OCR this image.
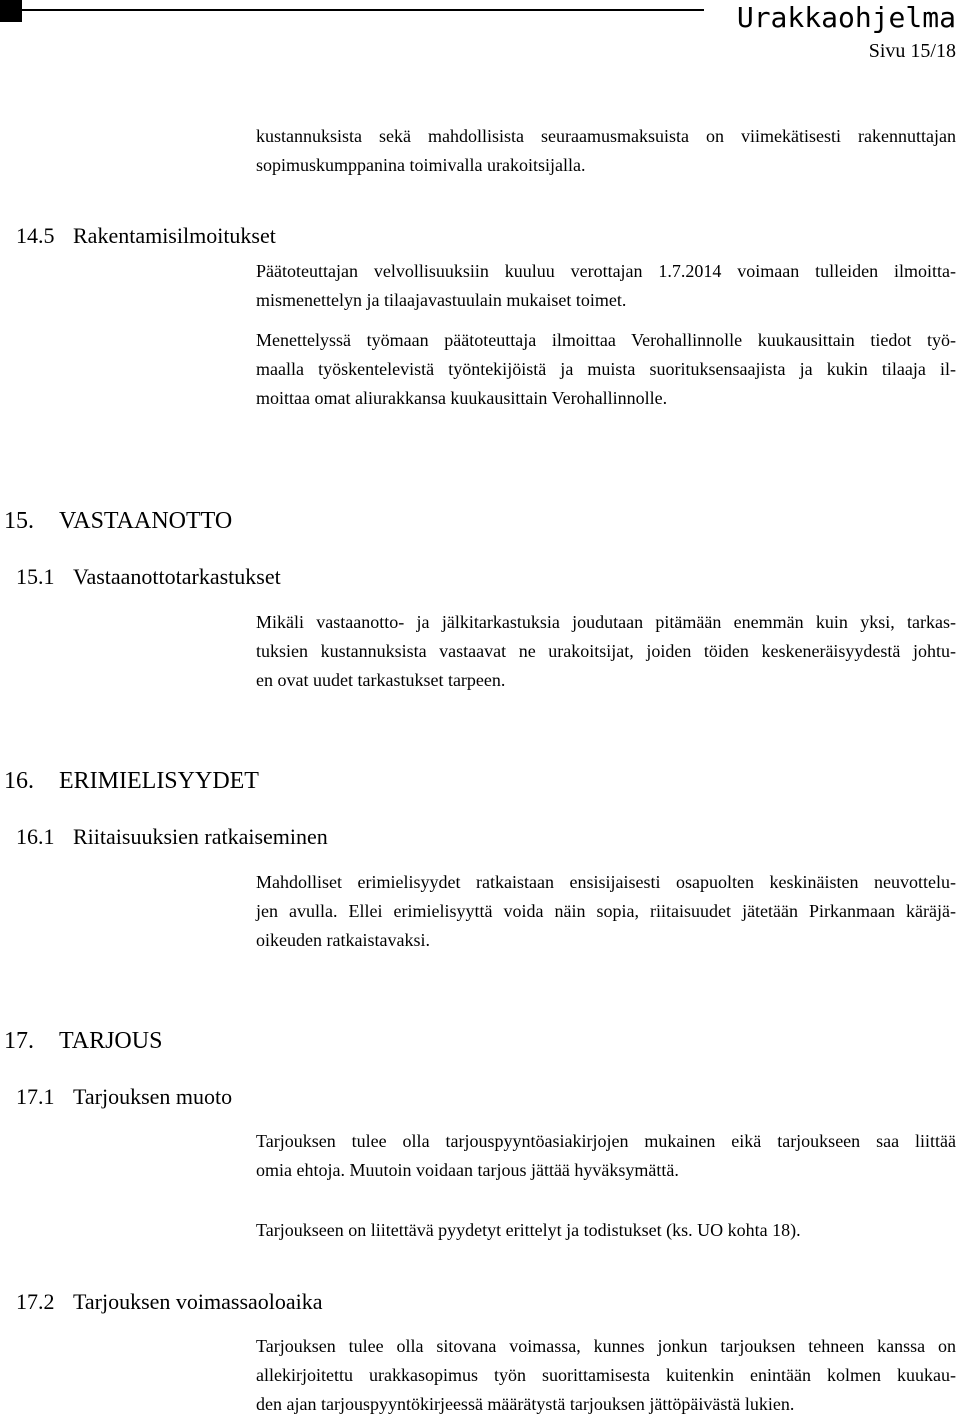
Urakkaohjelma
Sivu 15/18
kustannuksista sekä mahdollisista seuraamusmaksuista on viimekätisesti rakennuttajan
sopimuskumppanina toimivalla urakoitsijalla.
14.5 Rakentamisilmoitukset
Päätoteuttajan velvollisuuksiin kuuluu verottajan 1.7.2014 voimaan tulleiden ilmoitta-
mismenettelyn ja tilaajavastuulain mukaiset toimet.
Menettelyssä työmaan päätoteuttaja ilmoittaa Verohallinnolle kuukausittain tiedot työ-
maalla työskentelevistä työntekijöistä ja muista suorituksensaajista ja kukin tilaaja il-
moittaa omat aliurakkansa kuukausittain Verohallinnolle.
15. VASTAANOTTO
15.1 Vastaanottotarkastukset
Mikäli vastaanotto- ja jälkitarkastuksia joudutaan pitämään enemmän kuin yksi, tarkas-
tuksien kustannuksista vastaavat ne urakoitsijat, joiden töiden keskeneräisyydestä johtu-
en ovat uudet tarkastukset tarpeen.
16. ERIMIELISYYDET
16.1 Riitaisuuksien ratkaiseminen
Mahdolliset erimielisyydet ratkaistaan ensisijaisesti osapuolten keskinäisten neuvottelu-
jen avulla. Ellei erimielisyyttä voida näin sopia, riitaisuudet jätetään Pirkanmaan käräjä-
oikeuden ratkaistavaksi.
17. TARJOUS
17.1 Tarjouksen muoto
Tarjouksen tulee olla tarjouspyyntöasiakirjojen mukainen eikä tarjoukseen saa liittää
omia ehtoja. Muutoin voidaan tarjous jättää hyväksymättä.
Tarjoukseen on liitettävä pyydetyt erittelyt ja todistukset (ks. UO kohta 18).
17.2 Tarjouksen voimassaoloaika
Tarjouksen tulee olla sitovana voimassa, kunnes jonkun tarjouksen tehneen kanssa on
allekirjoitettu urakkasopimus työn suorittamisesta kuitenkin enintään kolmen kuukau-
den ajan tarjouspyyntökirjeessä määrätystä tarjouksen jättöpäivästä lukien.
